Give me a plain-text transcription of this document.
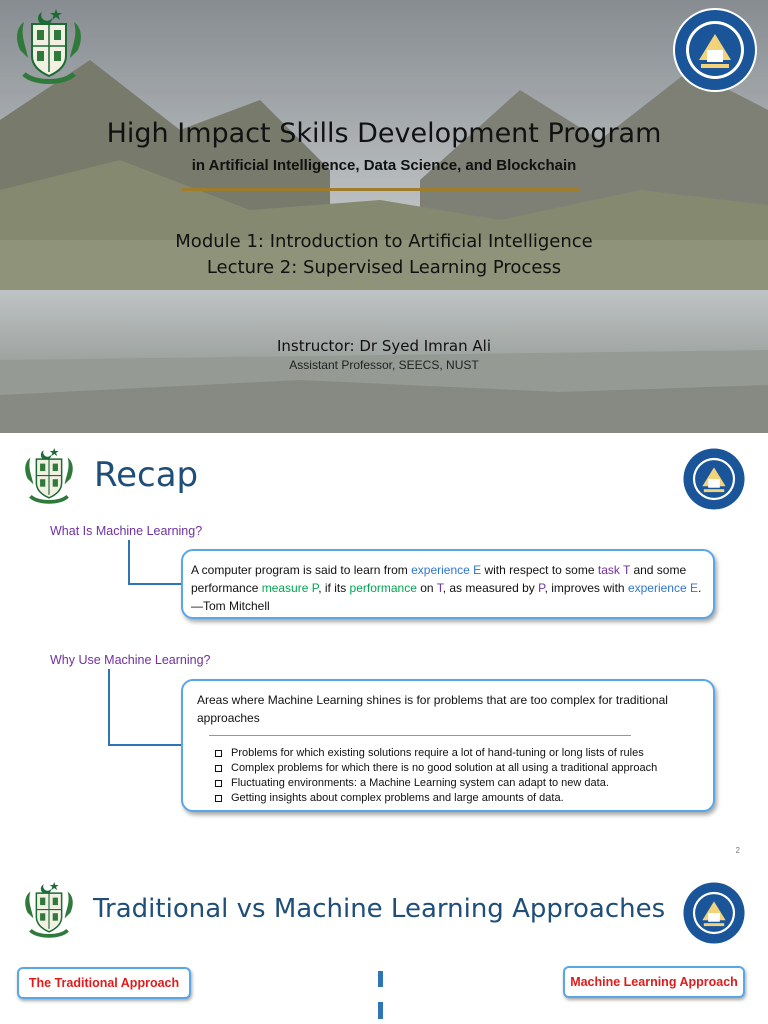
High Impact Skills Development Program
in Artificial Intelligence, Data Science, and Blockchain
Module 1: Introduction to Artificial Intelligence
Lecture 2: Supervised Learning Process
Instructor: Dr Syed Imran Ali
Assistant Professor, SEECS, NUST
Recap
What Is Machine Learning?
A computer program is said to learn from experience E with respect to some task T and some performance measure P, if its performance on T, as measured by P, improves with experience E. —Tom Mitchell
Why Use Machine Learning?
Areas where Machine Learning shines is for problems that are too complex for traditional approaches
Problems for which existing solutions require a lot of hand-tuning or long lists of rules
Complex problems for which there is no good solution at all using a traditional approach
Fluctuating environments: a Machine Learning system can adapt to new data.
Getting insights about complex problems and large amounts of data.
2
Traditional vs Machine Learning Approaches
The Traditional Approach	Machine Learning Approach
